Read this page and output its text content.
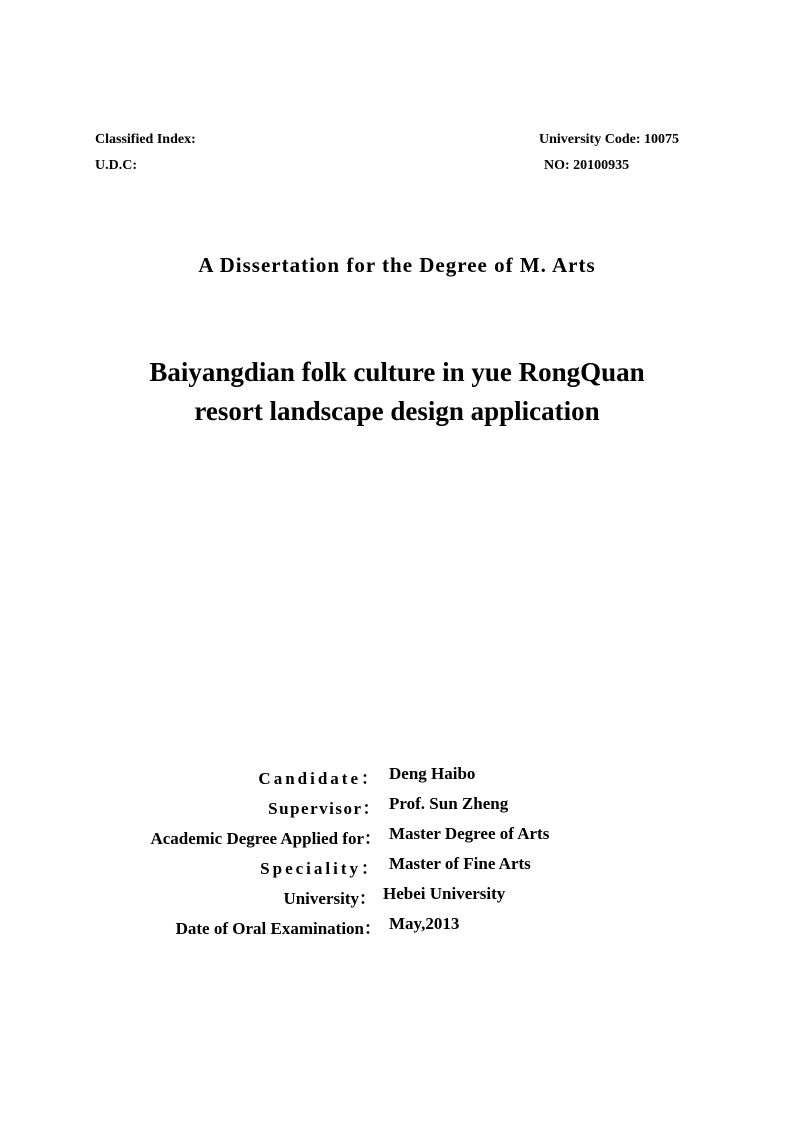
Classified Index:
U.D.C:
University Code: 10075
NO: 20100935
A Dissertation for the Degree of M. Arts
Baiyangdian folk culture in yue RongQuan
resort landscape design application
Candidate： Deng Haibo
Supervisor： Prof. Sun Zheng
Academic Degree Applied for： Master Degree of Arts
Speciality： Master of Fine Arts
University： Hebei University
Date of Oral Examination： May,2013
